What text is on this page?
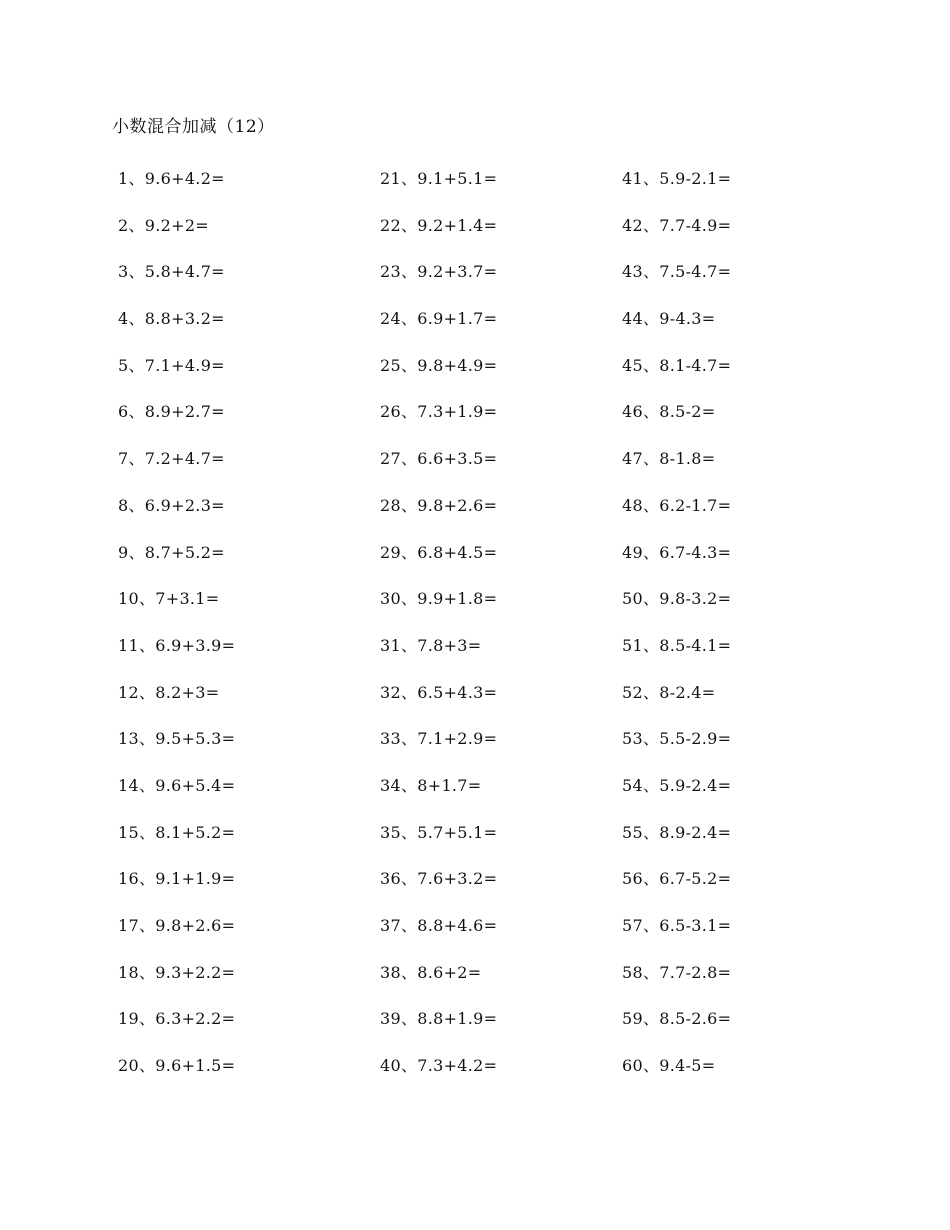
小数混合加减（12）
1、9.6+4.2=
2、9.2+2=
3、5.8+4.7=
4、8.8+3.2=
5、7.1+4.9=
6、8.9+2.7=
7、7.2+4.7=
8、6.9+2.3=
9、8.7+5.2=
10、7+3.1=
11、6.9+3.9=
12、8.2+3=
13、9.5+5.3=
14、9.6+5.4=
15、8.1+5.2=
16、9.1+1.9=
17、9.8+2.6=
18、9.3+2.2=
19、6.3+2.2=
20、9.6+1.5=
21、9.1+5.1=
22、9.2+1.4=
23、9.2+3.7=
24、6.9+1.7=
25、9.8+4.9=
26、7.3+1.9=
27、6.6+3.5=
28、9.8+2.6=
29、6.8+4.5=
30、9.9+1.8=
31、7.8+3=
32、6.5+4.3=
33、7.1+2.9=
34、8+1.7=
35、5.7+5.1=
36、7.6+3.2=
37、8.8+4.6=
38、8.6+2=
39、8.8+1.9=
40、7.3+4.2=
41、5.9-2.1=
42、7.7-4.9=
43、7.5-4.7=
44、9-4.3=
45、8.1-4.7=
46、8.5-2=
47、8-1.8=
48、6.2-1.7=
49、6.7-4.3=
50、9.8-3.2=
51、8.5-4.1=
52、8-2.4=
53、5.5-2.9=
54、5.9-2.4=
55、8.9-2.4=
56、6.7-5.2=
57、6.5-3.1=
58、7.7-2.8=
59、8.5-2.6=
60、9.4-5=
